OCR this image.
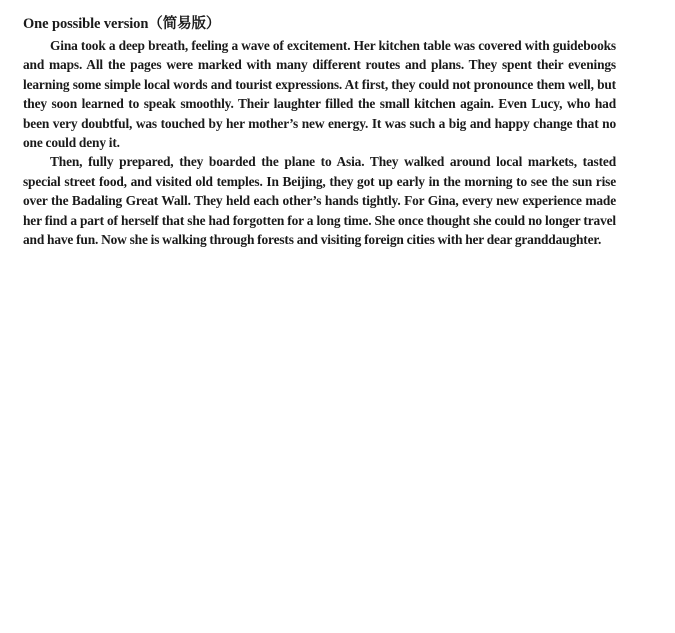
One possible version（简易版）

Gina took a deep breath, feeling a wave of excitement. Her kitchen table was covered with guidebooks and maps. All the pages were marked with many different routes and plans. They spent their evenings learning some simple local words and tourist expressions. At first, they could not pronounce them well, but they soon learned to speak smoothly. Their laughter filled the small kitchen again. Even Lucy, who had been very doubtful, was touched by her mother’s new energy. It was such a big and happy change that no one could deny it.

Then, fully prepared, they boarded the plane to Asia. They walked around local markets, tasted special street food, and visited old temples. In Beijing, they got up early in the morning to see the sun rise over the Badaling Great Wall. They held each other’s hands tightly. For Gina, every new experience made her find a part of herself that she had forgotten for a long time. She once thought she could no longer travel and have fun. Now she is walking through forests and visiting foreign cities with her dear granddaughter.
